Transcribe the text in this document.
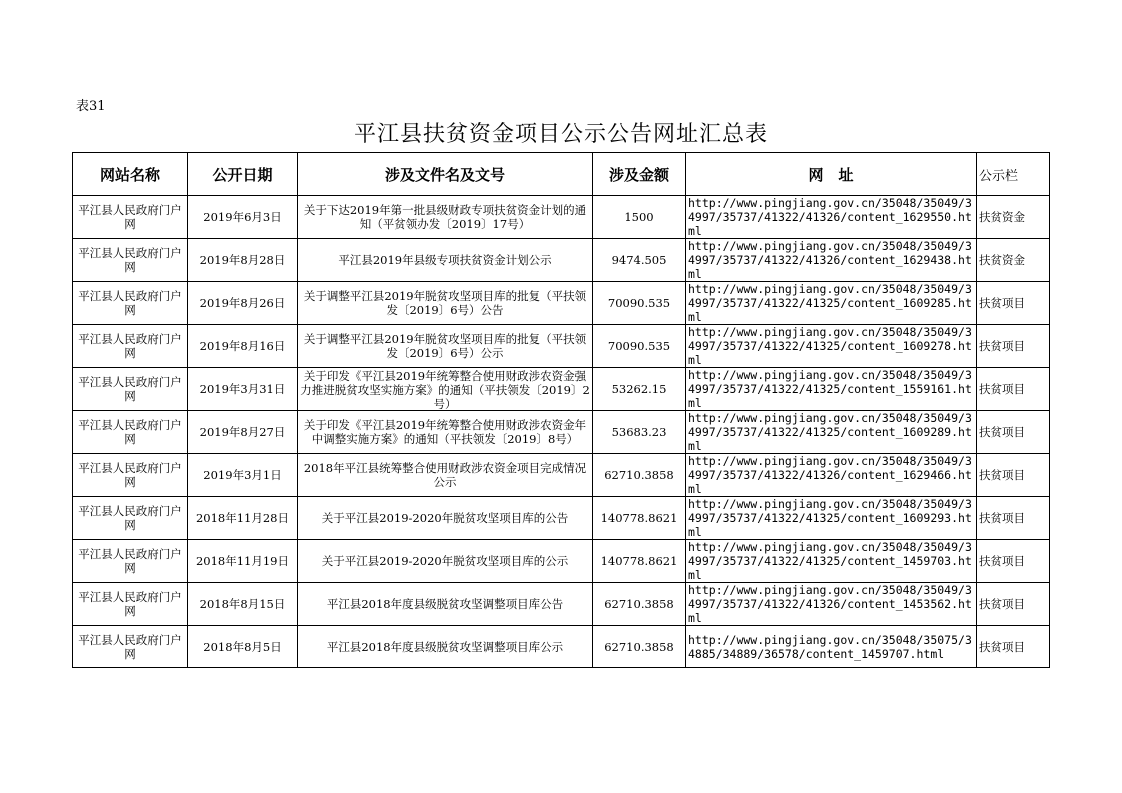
表31
平江县扶贫资金项目公示公告网址汇总表
网站名称	公开日期	涉及文件名及文号	涉及金额	网　址	公示栏
平江县人民政府门户网	2019年6月3日	关于下达2019年第一批县级财政专项扶贫资金计划的通知（平贫领办发〔2019〕17号）	1500	http://www.pingjiang.gov.cn/35048/35049/34997/35737/41322/41326/content_1629550.html	扶贫资金
平江县人民政府门户网	2019年8月28日	平江县2019年县级专项扶贫资金计划公示	9474.505	http://www.pingjiang.gov.cn/35048/35049/34997/35737/41322/41326/content_1629438.html	扶贫资金
平江县人民政府门户网	2019年8月26日	关于调整平江县2019年脱贫攻坚项目库的批复（平扶领发〔2019〕6号）公告	70090.535	http://www.pingjiang.gov.cn/35048/35049/34997/35737/41322/41325/content_1609285.html	扶贫项目
平江县人民政府门户网	2019年8月16日	关于调整平江县2019年脱贫攻坚项目库的批复（平扶领发〔2019〕6号）公示	70090.535	http://www.pingjiang.gov.cn/35048/35049/34997/35737/41322/41325/content_1609278.html	扶贫项目
平江县人民政府门户网	2019年3月31日	关于印发《平江县2019年统筹整合使用财政涉农资金强力推进脱贫攻坚实施方案》的通知（平扶领发〔2019〕2号）	53262.15	http://www.pingjiang.gov.cn/35048/35049/34997/35737/41322/41325/content_1559161.html	扶贫项目
平江县人民政府门户网	2019年8月27日	关于印发《平江县2019年统筹整合使用财政涉农资金年中调整实施方案》的通知（平扶领发〔2019〕8号）	53683.23	http://www.pingjiang.gov.cn/35048/35049/34997/35737/41322/41325/content_1609289.html	扶贫项目
平江县人民政府门户网	2019年3月1日	2018年平江县统筹整合使用财政涉农资金项目完成情况公示	62710.3858	http://www.pingjiang.gov.cn/35048/35049/34997/35737/41322/41326/content_1629466.html	扶贫项目
平江县人民政府门户网	2018年11月28日	关于平江县2019-2020年脱贫攻坚项目库的公告	140778.8621	http://www.pingjiang.gov.cn/35048/35049/34997/35737/41322/41325/content_1609293.html	扶贫项目
平江县人民政府门户网	2018年11月19日	关于平江县2019-2020年脱贫攻坚项目库的公示	140778.8621	http://www.pingjiang.gov.cn/35048/35049/34997/35737/41322/41325/content_1459703.html	扶贫项目
平江县人民政府门户网	2018年8月15日	平江县2018年度县级脱贫攻坚调整项目库公告	62710.3858	http://www.pingjiang.gov.cn/35048/35049/34997/35737/41322/41326/content_1453562.html	扶贫项目
平江县人民政府门户网	2018年8月5日	平江县2018年度县级脱贫攻坚调整项目库公示	62710.3858	http://www.pingjiang.gov.cn/35048/35075/34885/34889/36578/content_1459707.html	扶贫项目
